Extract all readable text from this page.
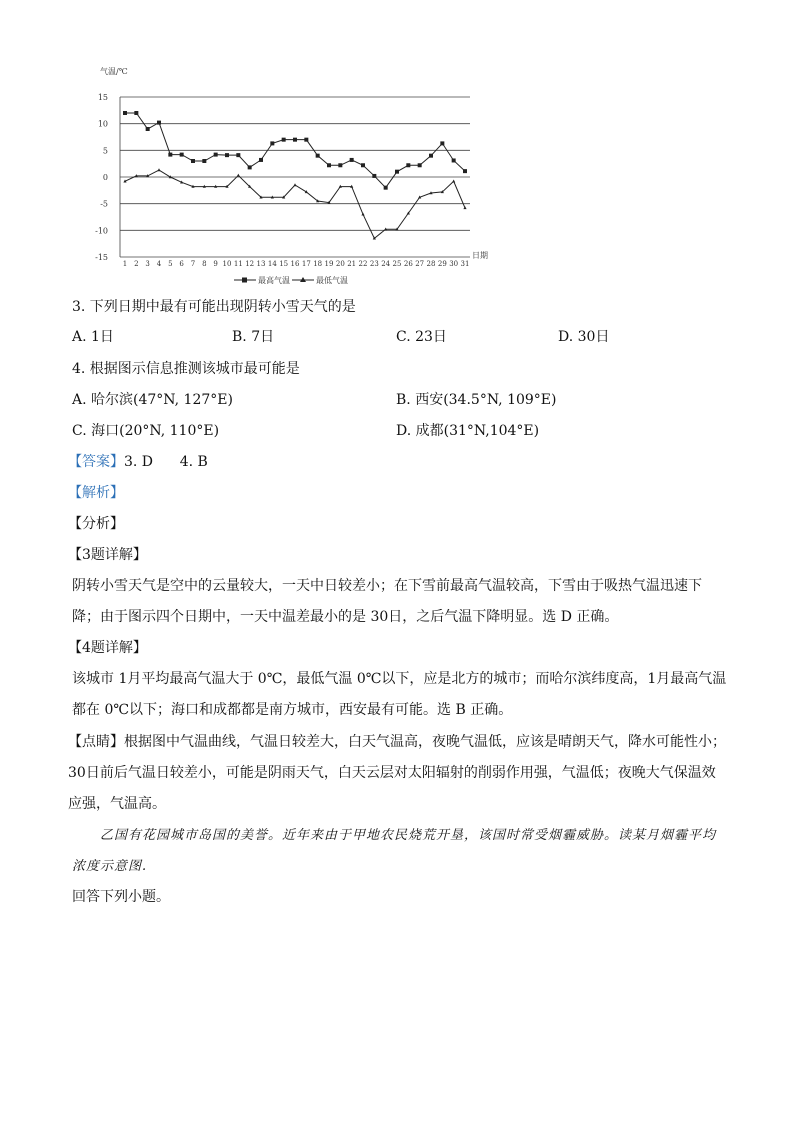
15
10
5
0
-5
-10
-15
1 2 3 4 5 6 7 8 9 10 11 12 13 14 15 16 17 18 19 20 21 22 23 24 25 26 27 28 29 30 31
气温/℃
日期
最高气温	最低气温
3. 下列日期中最有可能出现阴转小雪天气的是
A. 1日	B. 7日	C. 23日	D. 30日
4. 根据图示信息推测该城市最可能是
A. 哈尔滨(47°N, 127°E)	B. 西安(34.5°N, 109°E)
C. 海口(20°N, 110°E)	D. 成都(31°N,104°E)
【答案】3. D      4. B
【解析】
【分析】
【3题详解】
阴转小雪天气是空中的云量较大，一天中日较差小；在下雪前最高气温较高，下雪由于吸热气温迅速下降；由于图示四个日期中，一天中温差最小的是 30日，之后气温下降明显。选 D 正确。
【4题详解】
该城市 1月平均最高气温大于 0℃，最低气温 0℃以下，应是北方的城市；而哈尔滨纬度高，1月最高气温都在 0℃以下；海口和成都都是南方城市，西安最有可能。选 B 正确。
【点睛】根据图中气温曲线，气温日较差大，白天气温高，夜晚气温低，应该是晴朗天气，降水可能性小；30日前后气温日较差小，可能是阴雨天气，白天云层对太阳辐射的削弱作用强，气温低；夜晚大气保温效应强，气温高。
乙国有花园城市岛国的美誉。近年来由于甲地农民烧荒开垦，该国时常受烟霾威胁。读某月烟霾平均浓度示意图.
回答下列小题。
